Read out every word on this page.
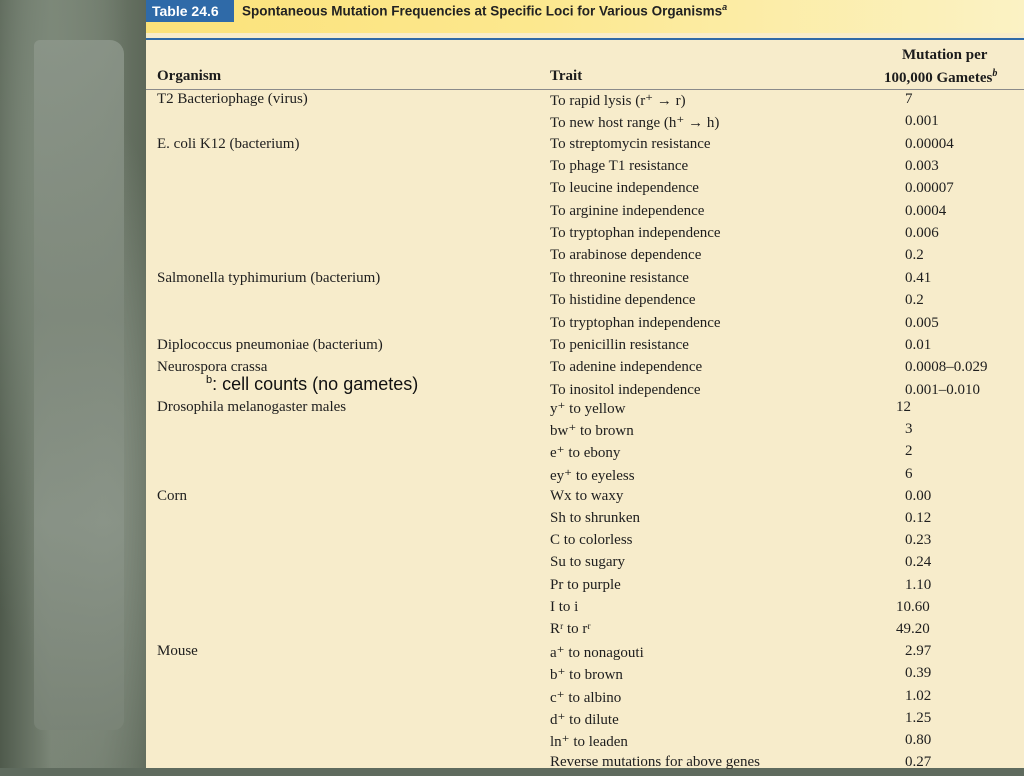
Table 24.6	Spontaneous Mutation Frequencies at Specific Loci for Various Organisms$^a$
Organism	Trait
Mutation per
100,000 Gametes$^b$
T2 Bacteriophage (virus)	To rapid lysis (r⁺ → r)	7
To new host range (h⁺ → h)	0.001
E. coli K12 (bacterium)	To streptomycin resistance	0.00004
To phage T1 resistance	0.003
To leucine independence	0.00007
To arginine independence	0.0004
To tryptophan independence	0.006
To arabinose dependence	0.2
Salmonella typhimurium (bacterium)	To threonine resistance	0.41
To histidine dependence	0.2
To tryptophan independence	0.005
Diplococcus pneumoniae (bacterium)	To penicillin resistance	0.01
Neurospora crassa	To adenine independence	0.0008–0.029
To inositol independence	0.001–0.010
Drosophila melanogaster males	y⁺ to yellow	12
bw⁺ to brown	3
e⁺ to ebony	2
ey⁺ to eyeless	6
Corn	Wx to waxy	0.00
Sh to shrunken	0.12
C to colorless	0.23
Su to sugary	0.24
Pr to purple	1.10
I to i	10.60
Rʳ to rʳ	49.20
Mouse	a⁺ to nonagouti	2.97
b⁺ to brown	0.39
c⁺ to albino	1.02
d⁺ to dilute	1.25
ln⁺ to leaden	0.80
Reverse mutations for above genes	0.27
$^b$: cell counts (no gametes)
